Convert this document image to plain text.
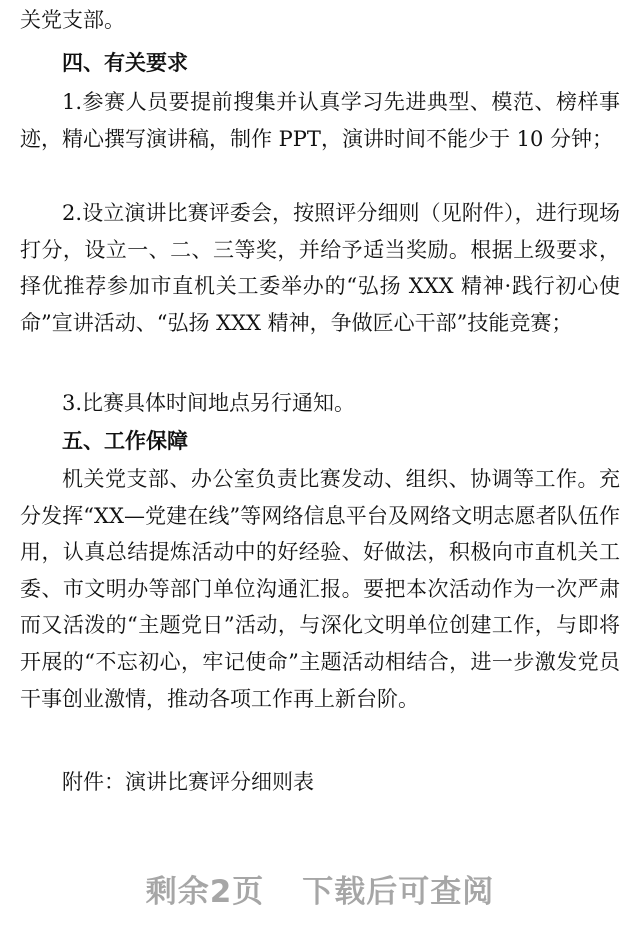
关党支部。

四、有关要求

1.参赛人员要提前搜集并认真学习先进典型、模范、榜样事迹，精心撰写演讲稿，制作 PPT，演讲时间不能少于 10 分钟；

2.设立演讲比赛评委会，按照评分细则（见附件），进行现场打分，设立一、二、三等奖，并给予适当奖励。根据上级要求，择优推荐参加市直机关工委举办的“弘扬 XXX 精神·践行初心使命”宣讲活动、“弘扬 XXX 精神，争做匠心干部”技能竞赛；

3.比赛具体时间地点另行通知。

五、工作保障

机关党支部、办公室负责比赛发动、组织、协调等工作。充分发挥“XX—党建在线”等网络信息平台及网络文明志愿者队伍作用，认真总结提炼活动中的好经验、好做法，积极向市直机关工委、市文明办等部门单位沟通汇报。要把本次活动作为一次严肃而又活泼的“主题党日”活动，与深化文明单位创建工作，与即将开展的“不忘初心，牢记使命”主题活动相结合，进一步激发党员干事创业激情，推动各项工作再上新台阶。

附件：演讲比赛评分细则表

剩余2页 下载后可查阅
